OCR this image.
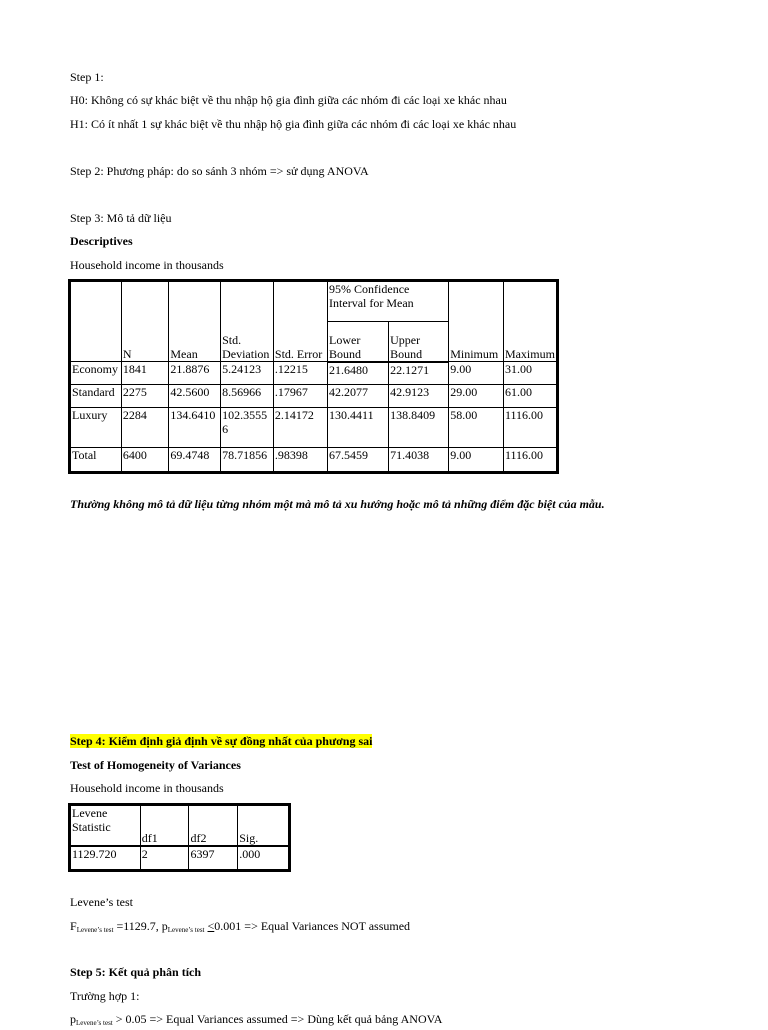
Step 1:
H0: Không có sự khác biệt về thu nhập hộ gia đình giữa các nhóm đi các loại xe khác nhau
H1: Có ít nhất 1 sự khác biệt về thu nhập hộ gia đình giữa các nhóm đi các loại xe khác nhau
Step 2: Phương pháp: do so sánh 3 nhóm => sử dụng ANOVA
Step 3: Mô tả dữ liệu
Descriptives
Household income in thousands
	N	Mean	Std. Deviation	Std. Error	95% Confidence Interval for Mean		Minimum	Maximum
					Lower Bound	Upper Bound		
Economy	1841	21.8876	5.24123	.12215	21.6480	22.1271	9.00	31.00
Standard	2275	42.5600	8.56966	.17967	42.2077	42.9123	29.00	61.00
Luxury	2284	134.6410	102.35556	2.14172	130.4411	138.8409	58.00	1116.00
Total	6400	69.4748	78.71856	.98398	67.5459	71.4038	9.00	1116.00
Thường không mô tả dữ liệu từng nhóm một mà mô tả xu hướng hoặc mô tả những điểm đặc biệt của mẫu.
Step 4: Kiểm định giả định về sự đồng nhất của phương sai
Test of Homogeneity of Variances
Household income in thousands
Levene Statistic	df1	df2	Sig.
1129.720	2	6397	.000
Levene’s test
$F_{Levene’s test} =1129.7$, $p_{Levene’s test} <0.001$ => Equal Variances NOT assumed
Step 5: Kết quả phân tích
Trường hợp 1:
$p_{Levene’s test} > 0.05$ => Equal Variances assumed => Dùng kết quả bảng ANOVA
